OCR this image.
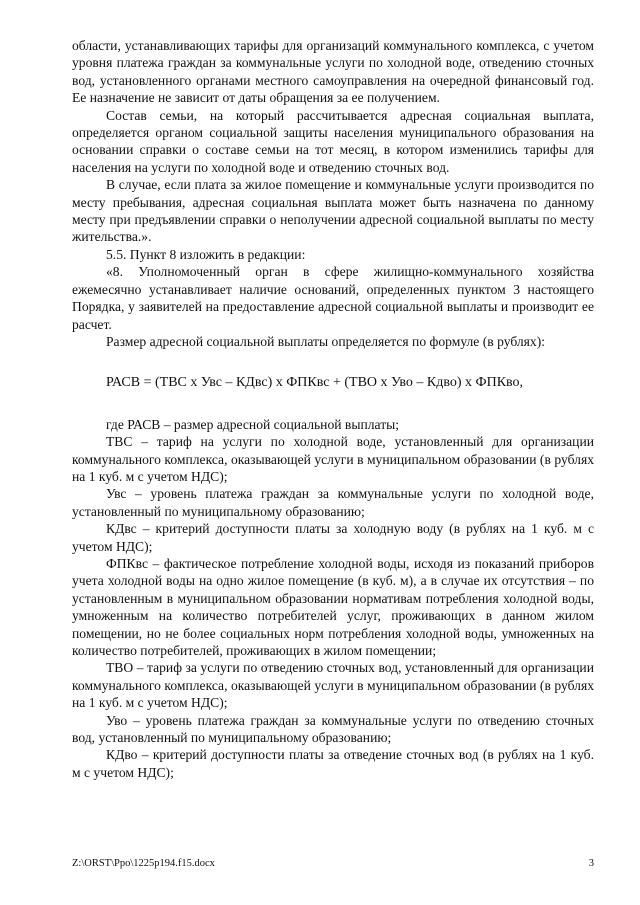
области, устанавливающих тарифы для организаций коммунального комплекса, с учетом уровня платежа граждан за коммунальные услуги по холодной воде, отведению сточных вод, установленного органами местного самоуправления на очередной финансовый год. Ее назначение не зависит от даты обращения за ее получением.

Состав семьи, на который рассчитывается адресная социальная выплата, определяется органом социальной защиты населения муниципального образования на основании справки о составе семьи на тот месяц, в котором изменились тарифы для населения на услуги по холодной воде и отведению сточных вод.

В случае, если плата за жилое помещение и коммунальные услуги производится по месту пребывания, адресная социальная выплата может быть назначена по данному месту при предъявлении справки о неполучении адресной социальной выплаты по месту жительства.».

5.5. Пункт 8 изложить в редакции:

«8. Уполномоченный орган в сфере жилищно-коммунального хозяйства ежемесячно устанавливает наличие оснований, определенных пунктом 3 настоящего Порядка, у заявителей на предоставление адресной социальной выплаты и производит ее расчет.

Размер адресной социальной выплаты определяется по формуле (в рублях):

РАСВ = (ТВС х Увс – КДвс) х ФПКвс + (ТВО х Уво – Кдво) х ФПКво,

где РАСВ – размер адресной социальной выплаты;

ТВС – тариф на услуги по холодной воде, установленный для организации коммунального комплекса, оказывающей услуги в муниципальном образовании (в рублях на 1 куб. м с учетом НДС);

Увс – уровень платежа граждан за коммунальные услуги по холодной воде, установленный по муниципальному образованию;

КДвс – критерий доступности платы за холодную воду (в рублях на 1 куб. м с учетом НДС);

ФПКвс – фактическое потребление холодной воды, исходя из показаний приборов учета холодной воды на одно жилое помещение (в куб. м), а в случае их отсутствия – по установленным в муниципальном образовании нормативам потребления холодной воды, умноженным на количество потребителей услуг, проживающих в данном жилом помещении, но не более социальных норм потребления холодной воды, умноженных на количество потребителей, проживающих в жилом помещении;

ТВО – тариф за услуги по отведению сточных вод, установленный для организации коммунального комплекса, оказывающей услуги в муниципальном образовании (в рублях на 1 куб. м с учетом НДС);

Уво – уровень платежа граждан за коммунальные услуги по отведению сточных вод, установленный по муниципальному образованию;

КДво – критерий доступности платы за отведение сточных вод (в рублях на 1 куб. м с учетом НДС);

Z:\ORST\Ppo\1225p194.f15.docx	3
